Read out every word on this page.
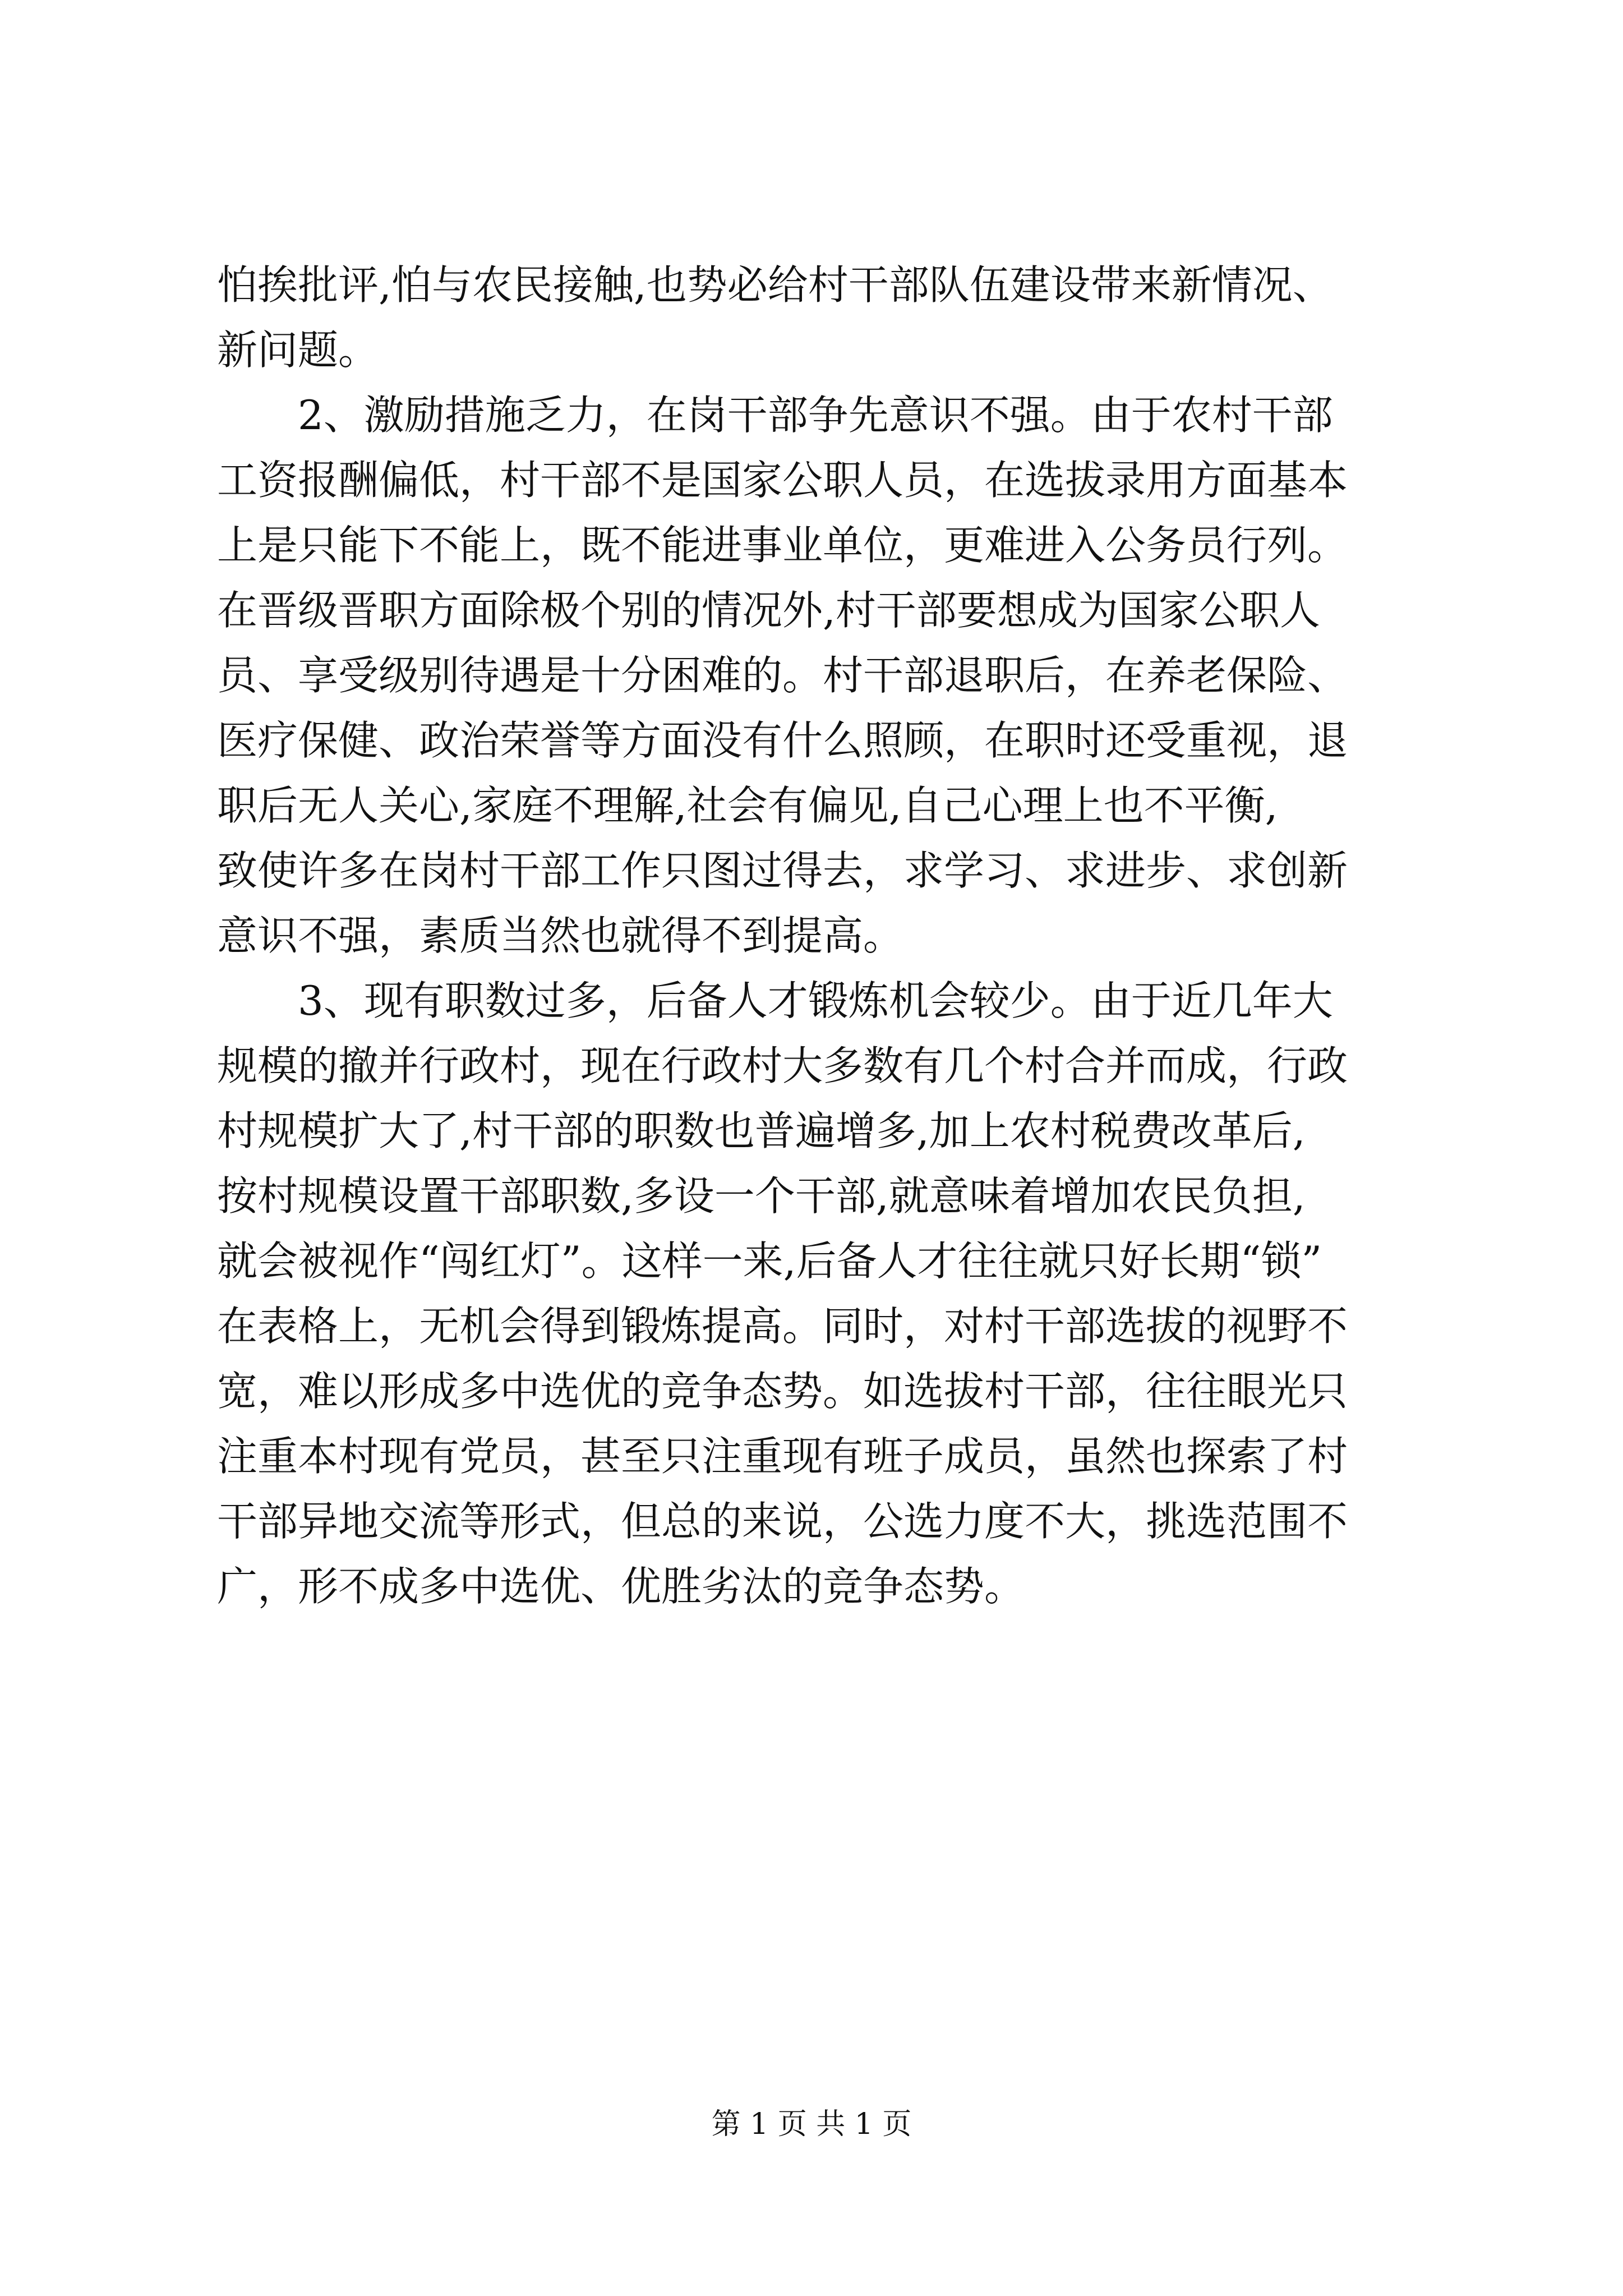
怕挨批评,怕与农民接触,也势必给村干部队伍建设带来新情况、
新问题。
　　2、激励措施乏力，在岗干部争先意识不强。由于农村干部
工资报酬偏低，村干部不是国家公职人员，在选拔录用方面基本
上是只能下不能上，既不能进事业单位，更难进入公务员行列。
在晋级晋职方面除极个别的情况外,村干部要想成为国家公职人
员、享受级别待遇是十分困难的。村干部退职后，在养老保险、
医疗保健、政治荣誉等方面没有什么照顾，在职时还受重视，退
职后无人关心,家庭不理解,社会有偏见,自己心理上也不平衡,
致使许多在岗村干部工作只图过得去，求学习、求进步、求创新
意识不强，素质当然也就得不到提高。
　　3、现有职数过多，后备人才锻炼机会较少。由于近几年大
规模的撤并行政村，现在行政村大多数有几个村合并而成，行政
村规模扩大了,村干部的职数也普遍增多,加上农村税费改革后,
按村规模设置干部职数,多设一个干部,就意味着增加农民负担,
就会被视作“闯红灯”。这样一来,后备人才往往就只好长期“锁”
在表格上，无机会得到锻炼提高。同时，对村干部选拔的视野不
宽，难以形成多中选优的竞争态势。如选拔村干部，往往眼光只
注重本村现有党员，甚至只注重现有班子成员，虽然也探索了村
干部异地交流等形式，但总的来说，公选力度不大，挑选范围不
广，形不成多中选优、优胜劣汰的竞争态势。
第 1 页 共 1 页
